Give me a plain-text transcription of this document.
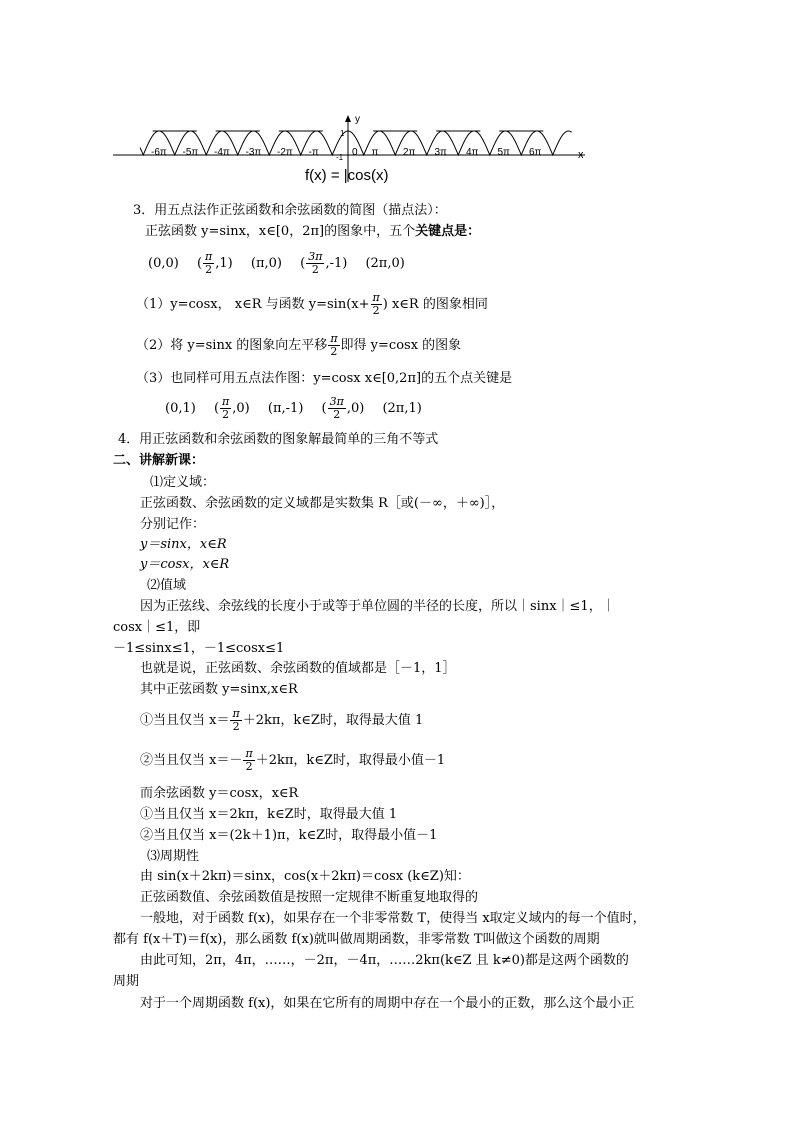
-6π -5π -4π -3π -2π -π	0 π 2π 3π 4π 5π 6π
y
x
1
-1
f(x) = |cos(x)
3．用五点法作正弦函数和余弦函数的简图（描点法）：
正弦函数 y=sinx，x∈[0，2π]的图象中，五个关键点是：
(0,0) ( $\frac{\pi}{2} ,1$) (π,0) ( $\frac{3\pi}{2} ,-1$) (2π,0)
（1）y=cosx， x∈R 与函数 $y=\sin(x+ \frac{\pi}{2}$ ) x∈R 的图象相同
（2）将 y=sinx 的图象向左平移 $\frac{\pi}{2}$ 即得 y=cosx 的图象
（3）也同样可用五点法作图：y=cosx x∈[0,2π]的五个点关键是
(0,1) ( $\frac{\pi}{2} ,0$) (π,-1) ( $\frac{3\pi}{2} ,0$) (2π,1)
4．用正弦函数和余弦函数的图象解最简单的三角不等式
二、讲解新课：
⑴定义域：
正弦函数、余弦函数的定义域都是实数集 R［或(－∞，＋∞)］，
分别记作：
y＝sinx，x∈R
y＝cosx，x∈R
⑵值域
因为正弦线、余弦线的长度小于或等于单位圆的半径的长度，所以｜sinx｜≤1，｜
cosx｜≤1，即
－1≤sinx≤1，－1≤cosx≤1
也就是说，正弦函数、余弦函数的值域都是［－1，1］
其中正弦函数 y=sinx,x∈R
①当且仅当 $x= \frac{\pi}{2} +2k\pi$，k∈Z时，取得最大值 1
②当且仅当 $x=- \frac{\pi}{2} +2k\pi$，k∈Z时，取得最小值－1
而余弦函数 y＝cosx，x∈R
①当且仅当 x＝2kπ，k∈Z时，取得最大值 1
②当且仅当 x＝(2k＋1)π，k∈Z时，取得最小值－1
⑶周期性
由 sin(x＋2kπ)＝sinx，cos(x＋2kπ)＝cosx (k∈Z)知：
正弦函数值、余弦函数值是按照一定规律不断重复地取得的
一般地，对于函数 f(x)，如果存在一个非零常数 T，使得当 x取定义域内的每一个值时，
都有 f(x＋T)＝f(x)，那么函数 f(x)就叫做周期函数，非零常数 T叫做这个函数的周期
由此可知，2π，4π，……，－2π，－4π，……2kπ(k∈Z 且 k≠0)都是这两个函数的
周期
对于一个周期函数 f(x)，如果在它所有的周期中存在一个最小的正数，那么这个最小正
